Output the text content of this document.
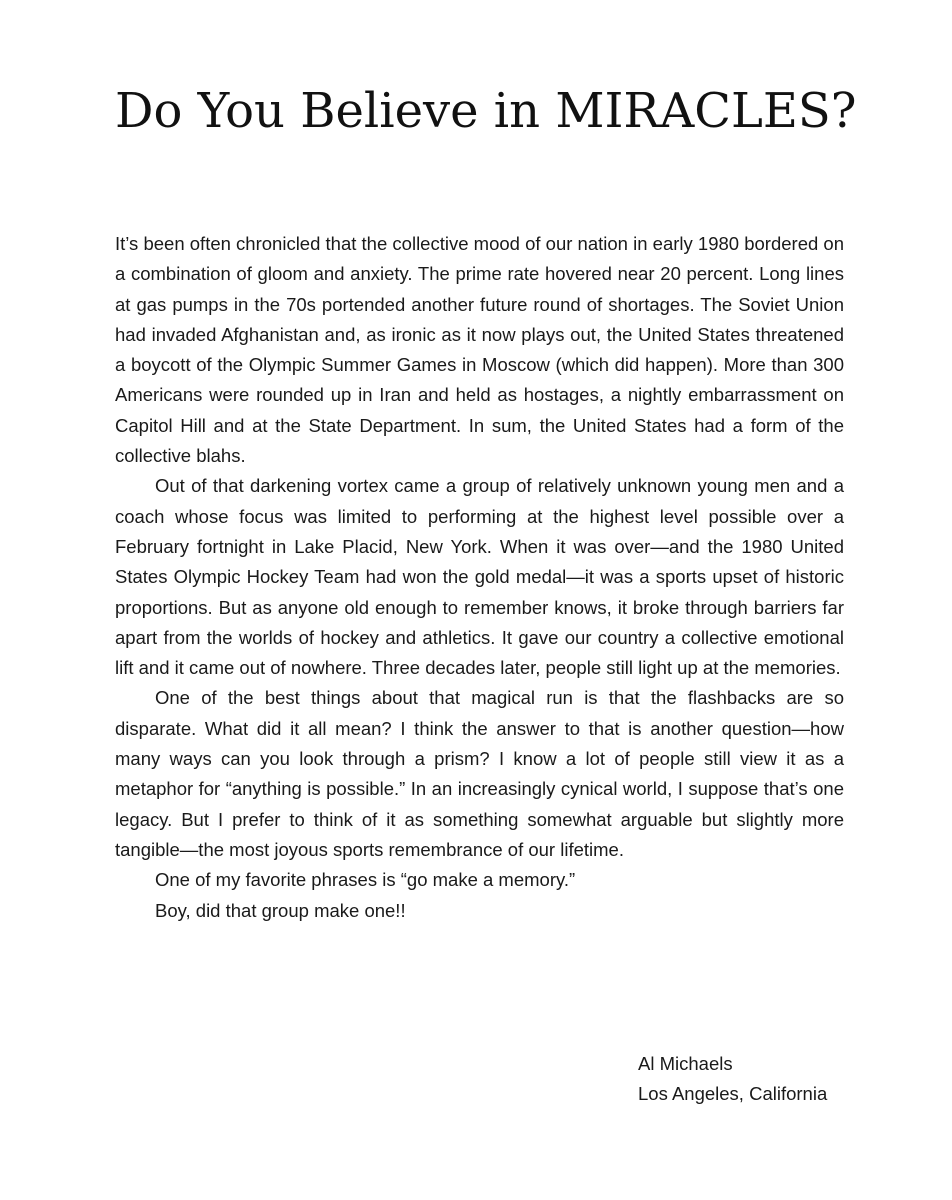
Do You Believe in MIRACLES?

It’s been often chronicled that the collective mood of our nation in early 1980 bordered on a combination of gloom and anxiety. The prime rate hovered near 20 percent. Long lines at gas pumps in the 70s portended another future round of shortages. The Soviet Union had invaded Afghanistan and, as ironic as it now plays out, the United States threatened a boycott of the Olympic Summer Games in Moscow (which did happen). More than 300 Americans were rounded up in Iran and held as hostages, a nightly embarrassment on Capitol Hill and at the State Department. In sum, the United States had a form of the collective blahs.

Out of that darkening vortex came a group of relatively unknown young men and a coach whose focus was limited to performing at the highest level possible over a February fortnight in Lake Placid, New York. When it was over—and the 1980 United States Olympic Hockey Team had won the gold medal—it was a sports upset of historic proportions. But as anyone old enough to remember knows, it broke through barriers far apart from the worlds of hockey and athletics. It gave our country a collective emotional lift and it came out of nowhere. Three decades later, people still light up at the memories.

One of the best things about that magical run is that the flashbacks are so disparate. What did it all mean? I think the answer to that is another question—how many ways can you look through a prism? I know a lot of people still view it as a metaphor for “anything is possible.” In an increasingly cynical world, I suppose that’s one legacy. But I prefer to think of it as something somewhat arguable but slightly more tangible—the most joyous sports remembrance of our lifetime.

One of my favorite phrases is “go make a memory.”

Boy, did that group make one!!

Al Michaels
Los Angeles, California
